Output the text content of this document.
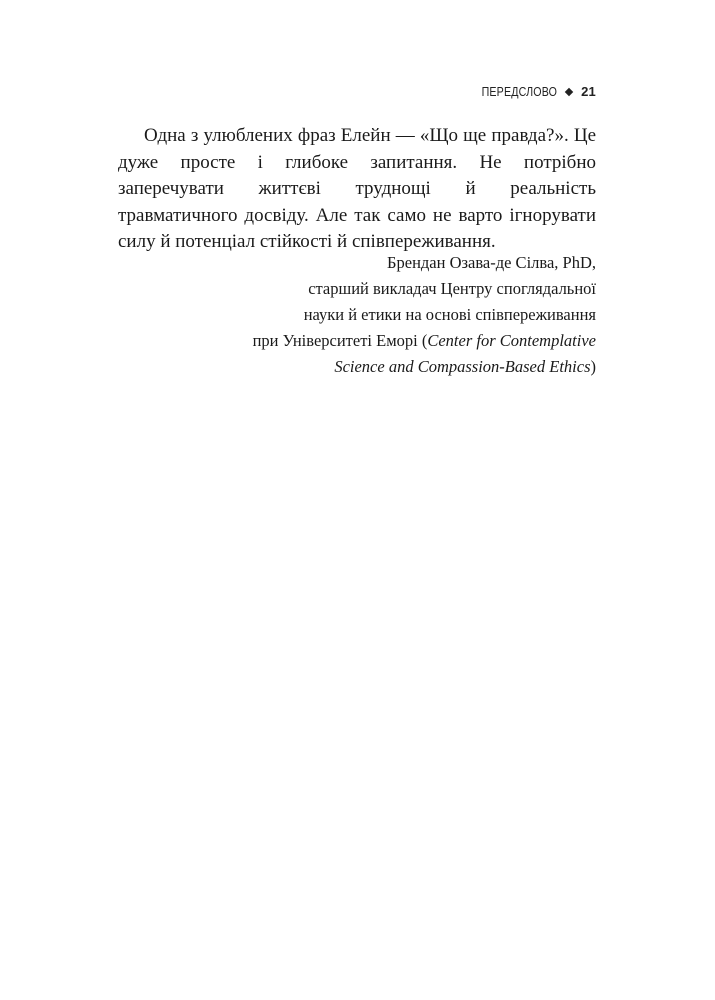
ПЕРЕДСЛОВО 21

Одна з улюблених фраз Елейн — «Що ще правда?». Це дуже просте і глибоке запитання. Не потрібно заперечувати життєві труднощі й реальність травматичного досвіду. Але так само не варто ігнорувати силу й потенціал стійкості й співпереживання.

Брендан Озава-де Сілва, PhD,
старший викладач Центру споглядальної
науки й етики на основі співпереживання
при Університеті Еморі (Center for Contemplative
Science and Compassion-Based Ethics)
